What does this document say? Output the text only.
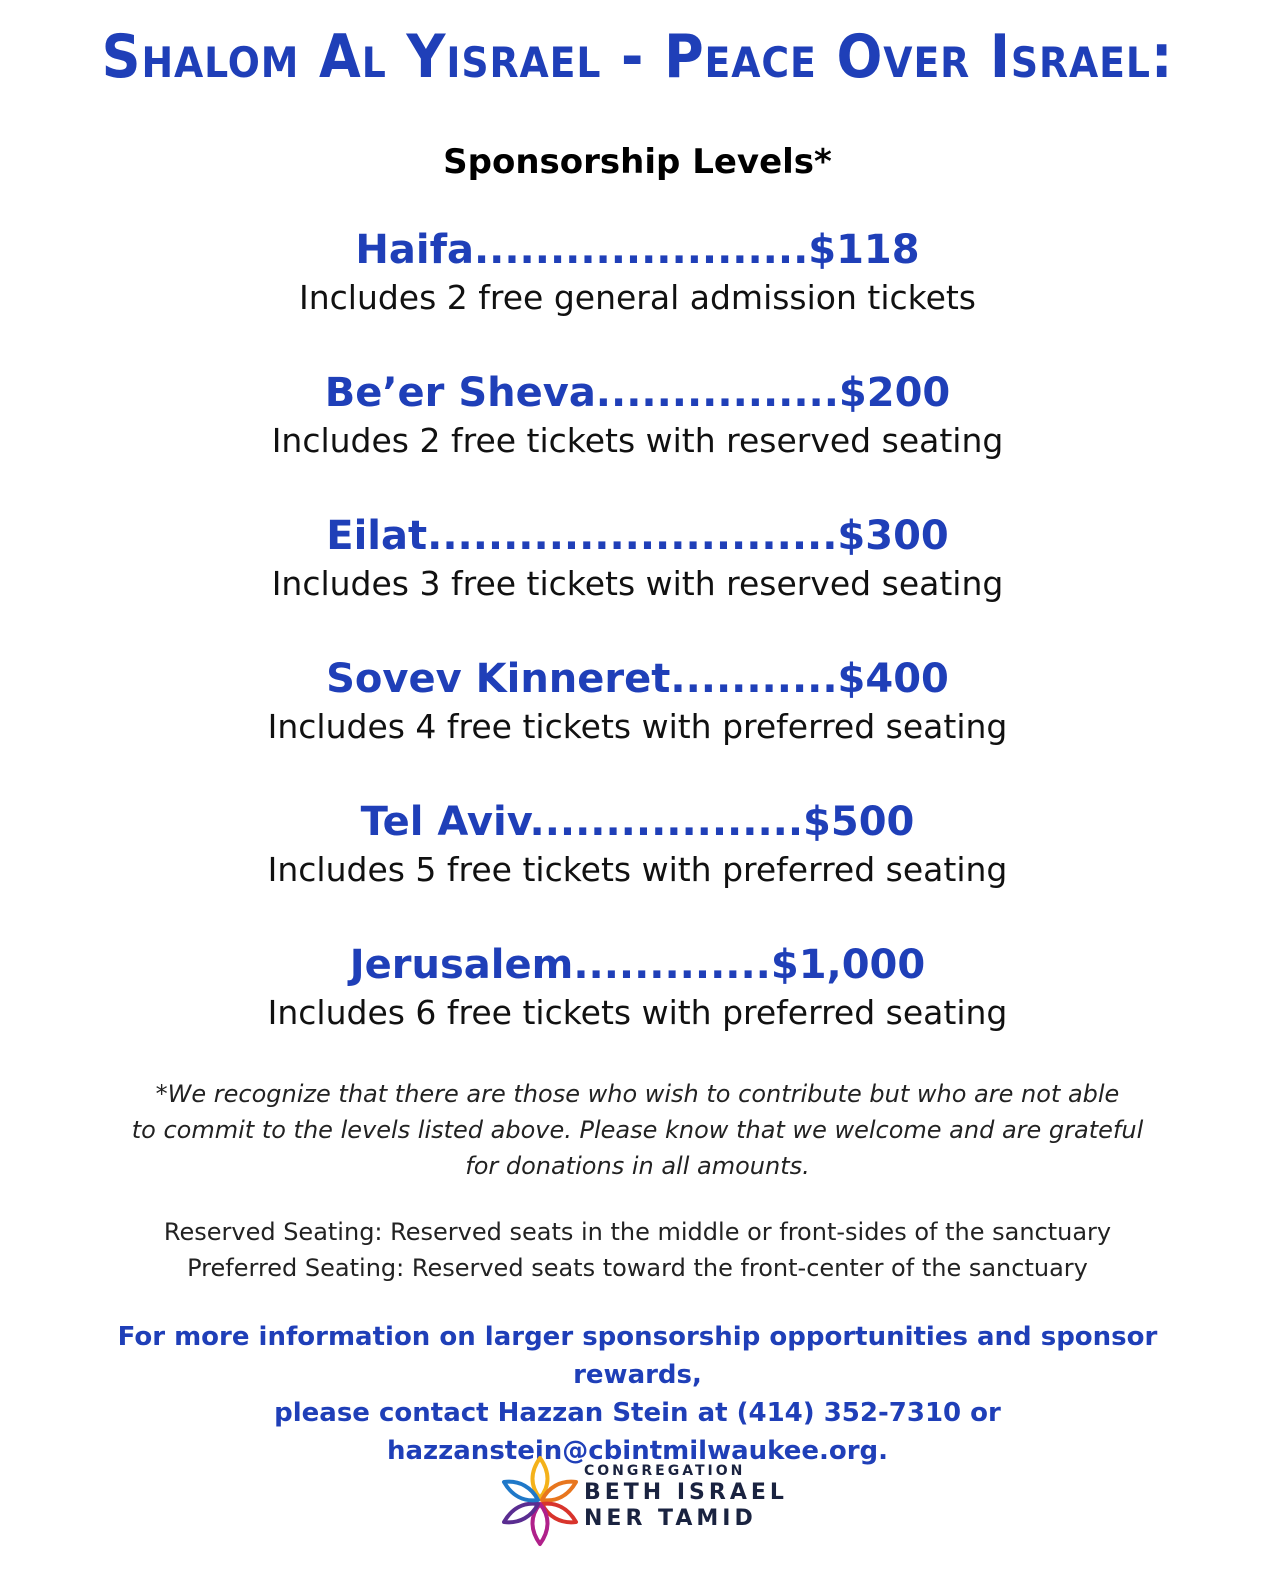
Shalom Al Yisrael - Peace Over Israel:
Sponsorship Levels*
Haifa......................$118
Includes 2 free general admission tickets
Be’er Sheva................$200
Includes 2 free tickets with reserved seating
Eilat...........................$300
Includes 3 free tickets with reserved seating
Sovev Kinneret...........$400
Includes 4 free tickets with preferred seating
Tel Aviv..................$500
Includes 5 free tickets with preferred seating
Jerusalem.............$1,000
Includes 6 free tickets with preferred seating
*We recognize that there are those who wish to contribute but who are not able
to commit to the levels listed above. Please know that we welcome and are grateful
for donations in all amounts.
Reserved Seating: Reserved seats in the middle or front-sides of the sanctuary
Preferred Seating: Reserved seats toward the front-center of the sanctuary
For more information on larger sponsorship opportunities and sponsor rewards,
please contact Hazzan Stein at (414) 352-7310 or
hazzanstein@cbintmilwaukee.org.
CONGREGATION
BETH ISRAEL
NER TAMID
